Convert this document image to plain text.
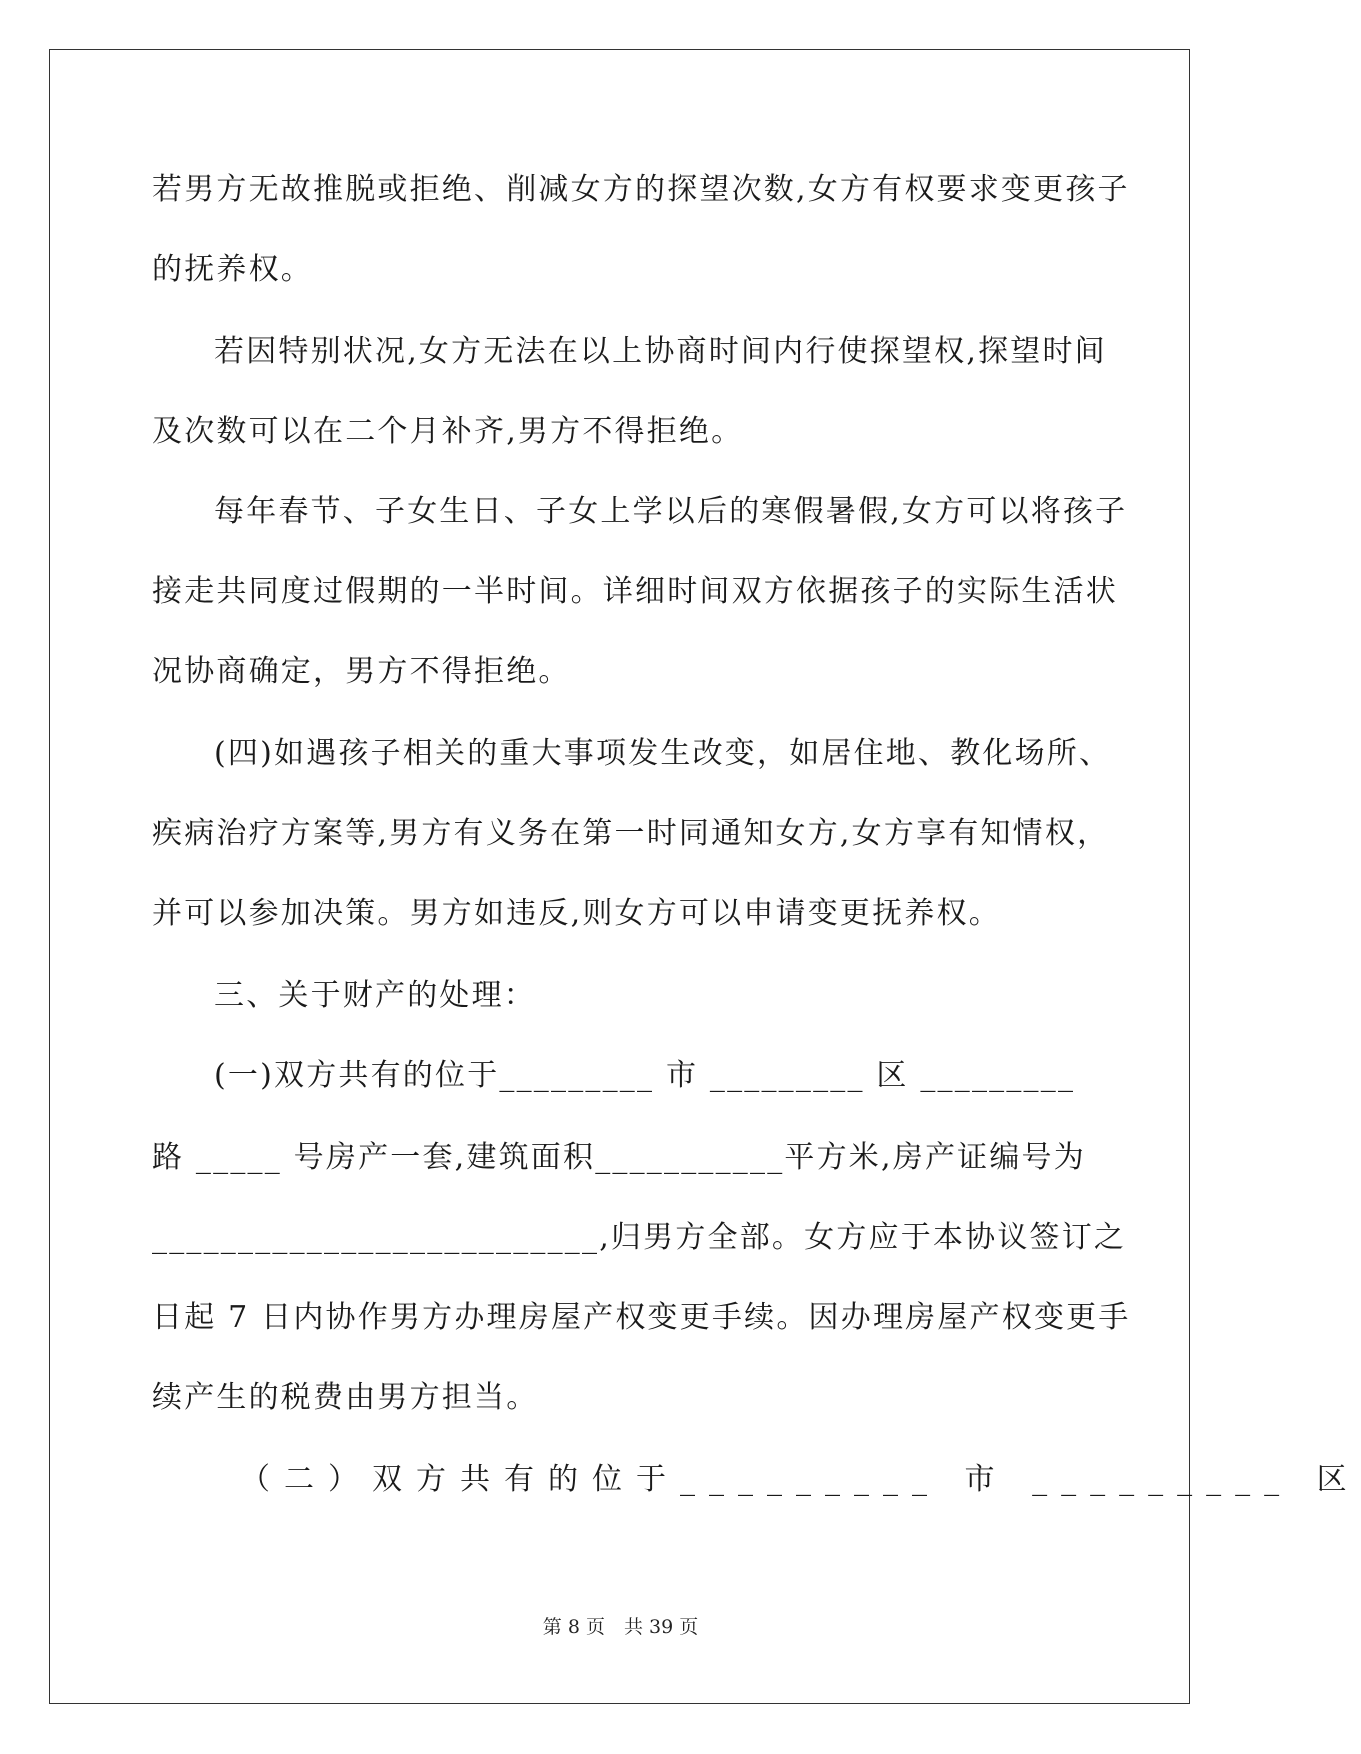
若男方无故推脱或拒绝、削减女方的探望次数,女方有权要求变更孩子
的抚养权。
若因特别状况,女方无法在以上协商时间内行使探望权,探望时间
及次数可以在二个月补齐,男方不得拒绝。
每年春节、子女生日、子女上学以后的寒假暑假,女方可以将孩子
接走共同度过假期的一半时间。详细时间双方依据孩子的实际生活状
况协商确定，男方不得拒绝。
(四)如遇孩子相关的重大事项发生改变，如居住地、教化场所、
疾病治疗方案等,男方有义务在第一时同通知女方,女方享有知情权，
并可以参加决策。男方如违反,则女方可以申请变更抚养权。
三、关于财产的处理：
(一)双方共有的位于_________ 市 _________ 区 _________
路 _____ 号房产一套,建筑面积___________平方米,房产证编号为
__________________________,归男方全部。女方应于本协议签订之
日起 7 日内协作男方办理房屋产权变更手续。因办理房屋产权变更手
续产生的税费由男方担当。
（二）双方共有的位于_________ 市 _________ 区
第 8 页　共 39 页
